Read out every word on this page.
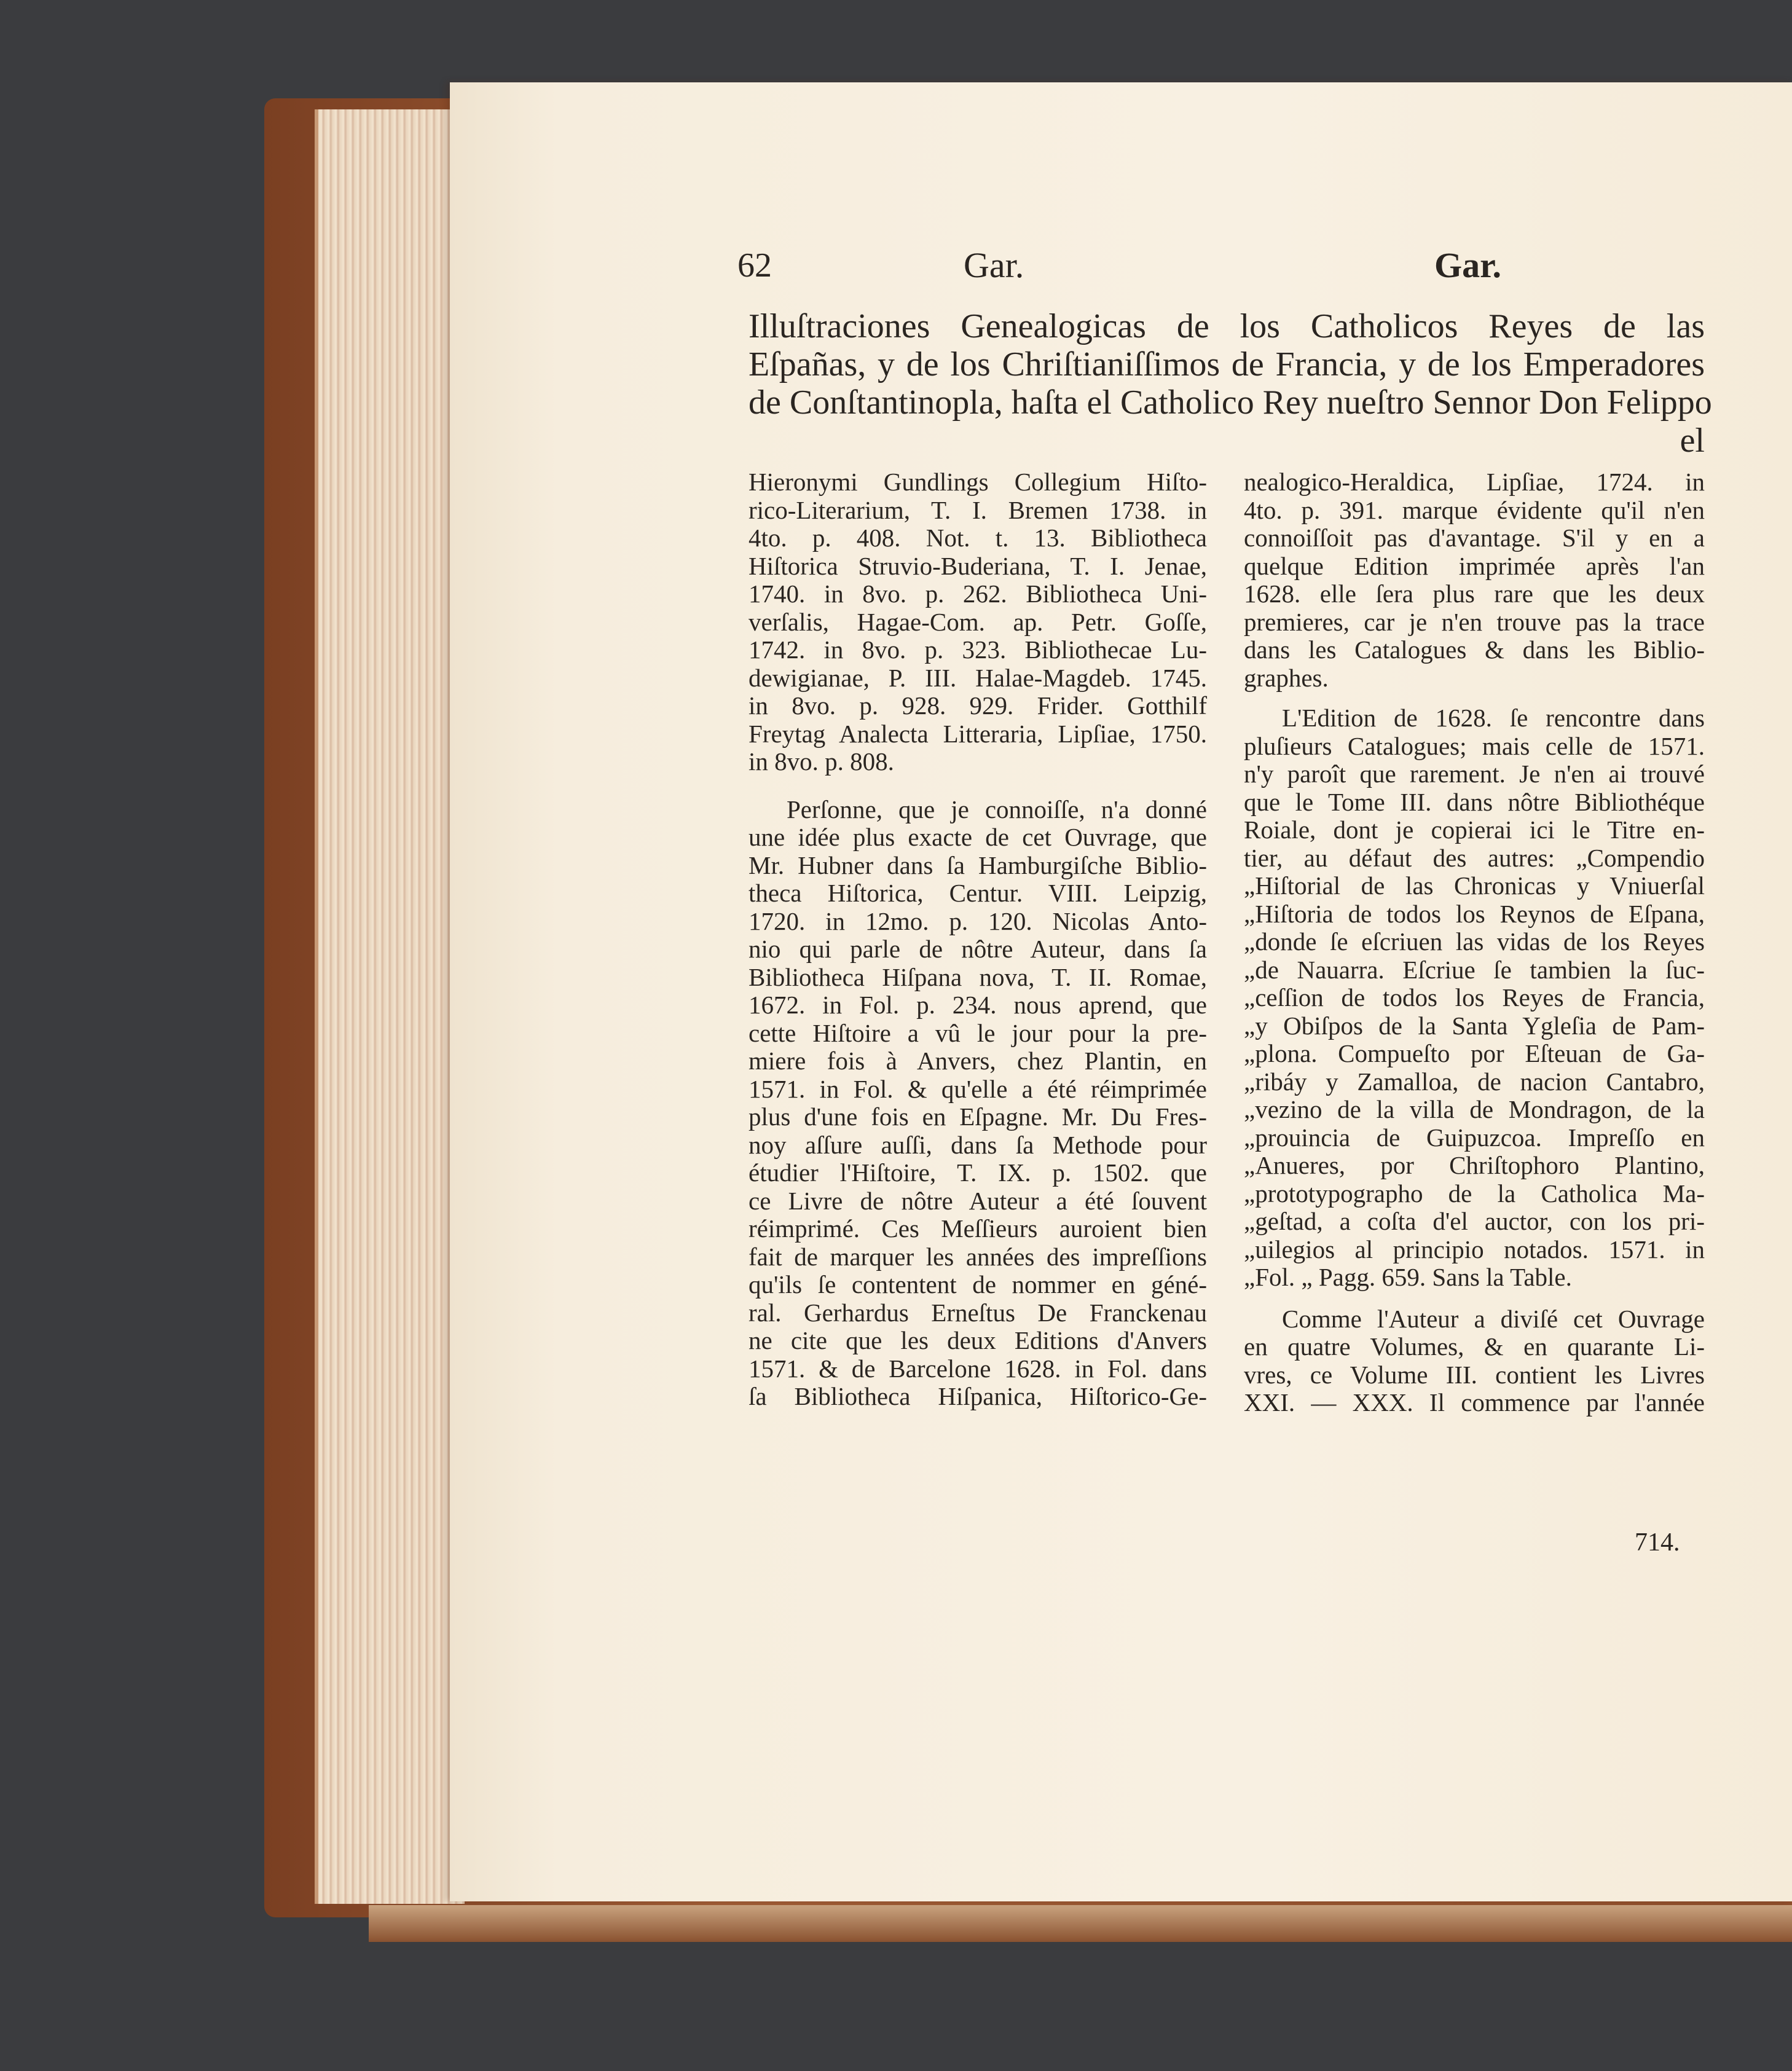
62	Gar.	Gar.
Illuſtraciones Genealogicas de los Catholicos Reyes de las
Eſpañas, y de los Chriſtianiſſimos de Francia, y de los Emperadores
de Conſtantinopla, haſta el Catholico Rey nueſtro Sennor Don Felippo
el
Hieronymi Gundlings Collegium Hiſto-
rico-Literarium, T. I. Bremen 1738. in
4to. p. 408. Not. t. 13. Bibliotheca
Hiſtorica Struvio-Buderiana, T. I. Jenae,
1740. in 8vo. p. 262. Bibliotheca Uni-
verſalis, Hagae-Com. ap. Petr. Goſſe,
1742. in 8vo. p. 323. Bibliothecae Lu-
dewigianae, P. III. Halae-Magdeb. 1745.
in 8vo. p. 928. 929. Frider. Gotthilf
Freytag Analecta Litteraria, Lipſiae, 1750.
in 8vo. p. 808.
Perſonne, que je connoiſſe, n'a donné
une idée plus exacte de cet Ouvrage, que
Mr. Hubner dans ſa Hamburgiſche Biblio-
theca Hiſtorica, Centur. VIII. Leipzig,
1720. in 12mo. p. 120. Nicolas Anto-
nio qui parle de nôtre Auteur, dans ſa
Bibliotheca Hiſpana nova, T. II. Romae,
1672. in Fol. p. 234. nous aprend, que
cette Hiſtoire a vû le jour pour la pre-
miere fois à Anvers, chez Plantin, en
1571. in Fol. & qu'elle a été réimprimée
plus d'une fois en Eſpagne. Mr. Du Fres-
noy aſſure auſſi, dans ſa Methode pour
étudier l'Hiſtoire, T. IX. p. 1502. que
ce Livre de nôtre Auteur a été ſouvent
réimprimé. Ces Meſſieurs auroient bien
fait de marquer les années des impreſſions
qu'ils ſe contentent de nommer en géné-
ral. Gerhardus Erneſtus De Franckenau
ne cite que les deux Editions d'Anvers
1571. & de Barcelone 1628. in Fol. dans
ſa Bibliotheca Hiſpanica, Hiſtorico-Ge-
nealogico-Heraldica, Lipſiae, 1724. in
4to. p. 391. marque évidente qu'il n'en
connoiſſoit pas d'avantage. S'il y en a
quelque Edition imprimée après l'an
1628. elle ſera plus rare que les deux
premieres, car je n'en trouve pas la trace
dans les Catalogues & dans les Biblio-
graphes.
L'Edition de 1628. ſe rencontre dans
pluſieurs Catalogues; mais celle de 1571.
n'y paroît que rarement. Je n'en ai trouvé
que le Tome III. dans nôtre Bibliothéque
Roiale, dont je copierai ici le Titre en-
tier, au défaut des autres: „Compendio
„Hiſtorial de las Chronicas y Vniuerſal
„Hiſtoria de todos los Reynos de Eſpana,
„donde ſe eſcriuen las vidas de los Reyes
„de Nauarra. Eſcriue ſe tambien la ſuc-
„ceſſion de todos los Reyes de Francia,
„y Obiſpos de la Santa Ygleſia de Pam-
„plona. Compueſto por Eſteuan de Ga-
„ribáy y Zamalloa, de nacion Cantabro,
„vezino de la villa de Mondragon, de la
„prouincia de Guipuzcoa. Impreſſo en
„Anueres, por Chriſtophoro Plantino,
„prototypographo de la Catholica Ma-
„geſtad, a coſta d'el auctor, con los pri-
„uilegios al principio notados. 1571. in
„Fol. „ Pagg. 659. Sans la Table.
Comme l'Auteur a diviſé cet Ouvrage
en quatre Volumes, & en quarante Li-
vres, ce Volume III. contient les Livres
XXI. — XXX. Il commence par l'année
714.
